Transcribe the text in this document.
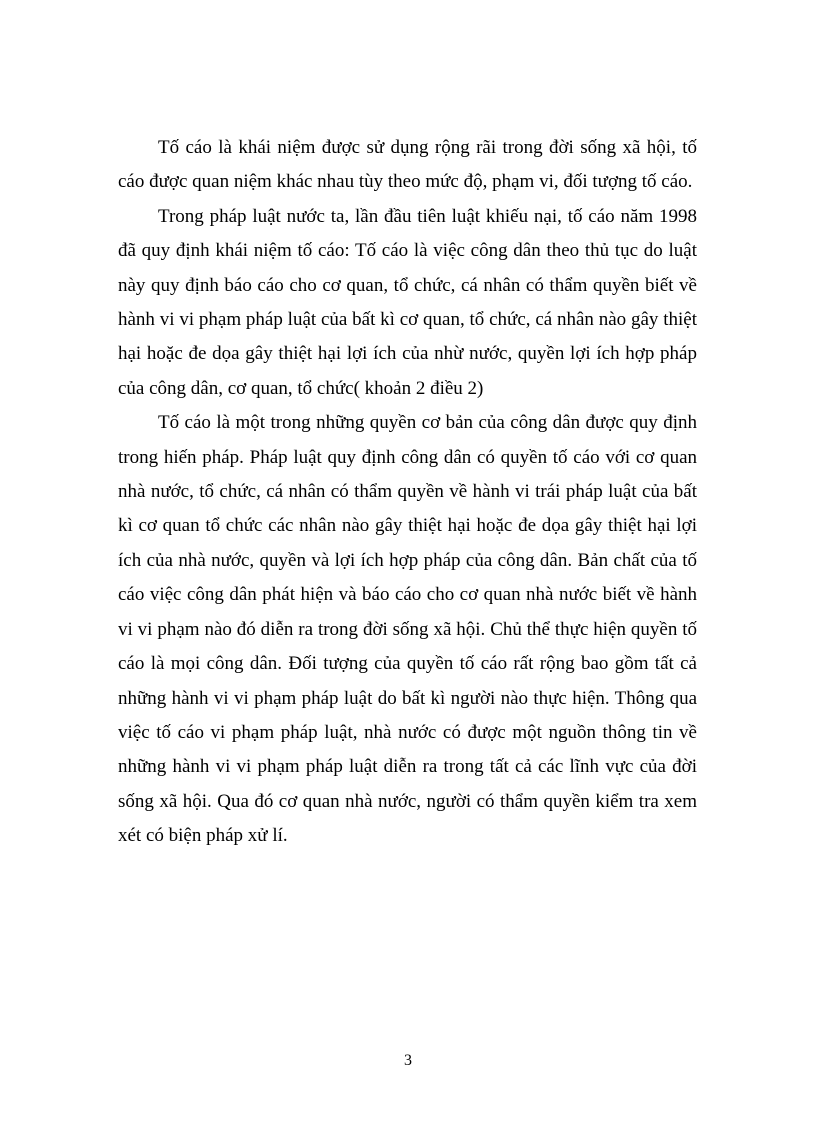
Tố cáo là khái niệm được sử dụng rộng rãi trong đời sống xã hội, tố cáo được quan niệm khác nhau tùy theo mức độ, phạm vi, đối tượng tố cáo.

Trong pháp luật nước ta, lần đầu tiên luật khiếu nại, tố cáo năm 1998 đã quy định khái niệm tố cáo: Tố cáo là việc công dân theo thủ tục do luật này quy định báo cáo cho cơ quan, tổ chức, cá nhân có thẩm quyền biết về hành vi vi phạm pháp luật của bất kì cơ quan, tổ chức, cá nhân nào gây thiệt hại hoặc đe dọa gây thiệt hại lợi ích của nhừ nước, quyền lợi ích hợp pháp của công dân, cơ quan, tổ chức( khoản 2 điều 2)

Tố cáo là một trong những quyền cơ bản của công dân được quy định trong hiến pháp. Pháp luật quy định công dân có quyền tố cáo với cơ quan nhà nước, tổ chức, cá nhân có thẩm quyền về hành vi trái pháp luật của bất kì cơ quan tổ chức các nhân nào gây thiệt hại hoặc đe dọa gây thiệt hại lợi ích của nhà nước, quyền và lợi ích hợp pháp của công dân. Bản chất của tố cáo việc công dân phát hiện và báo cáo cho cơ quan nhà nước biết về hành vi vi phạm nào đó diễn ra trong đời sống xã hội. Chủ thể thực hiện quyền tố cáo là mọi công dân. Đối tượng của quyền tố cáo rất rộng bao gồm tất cả những hành vi vi phạm pháp luật do bất kì người nào thực hiện. Thông qua việc tố cáo vi phạm pháp luật, nhà nước có được một nguồn thông tin về những hành vi vi phạm pháp luật diễn ra trong tất cả các lĩnh vực của đời sống xã hội. Qua đó cơ quan nhà nước, người có thẩm quyền kiểm tra xem xét có biện pháp xử lí.

3
